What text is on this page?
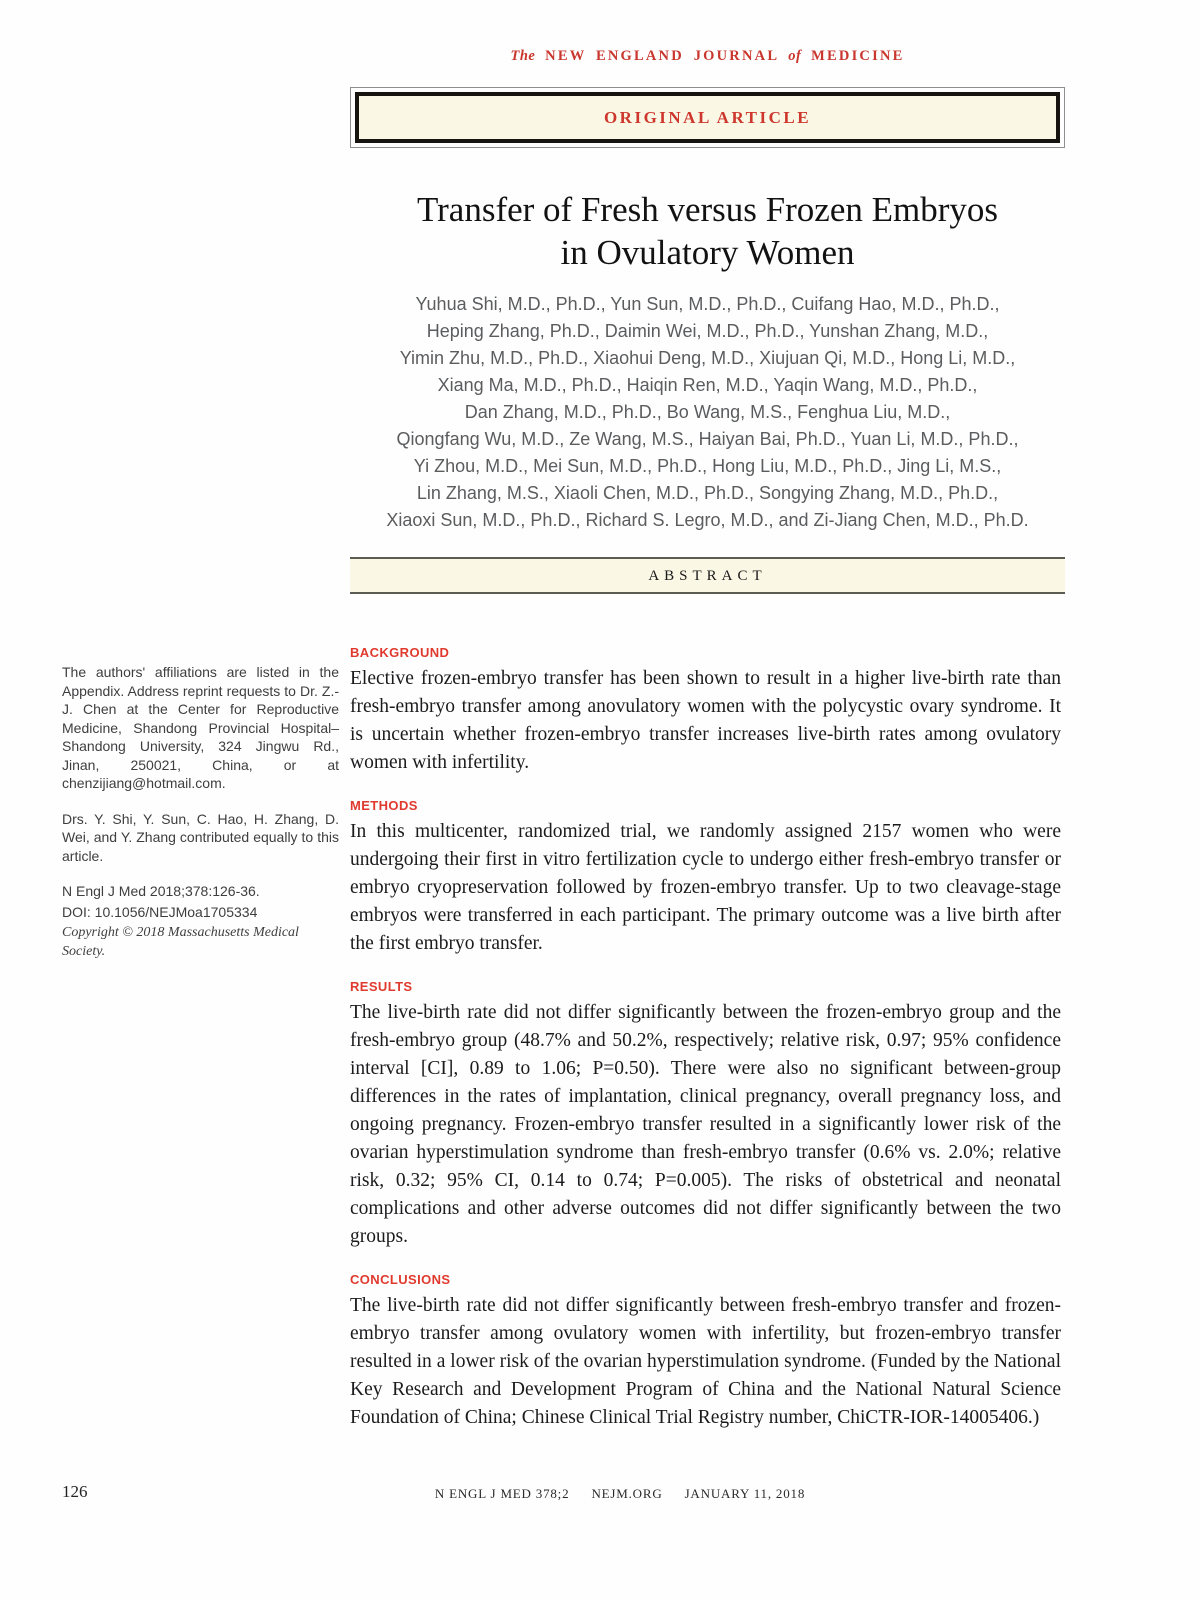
The NEW ENGLAND JOURNAL of MEDICINE
ORIGINAL ARTICLE
Transfer of Fresh versus Frozen Embryos
in Ovulatory Women
Yuhua Shi, M.D., Ph.D., Yun Sun, M.D., Ph.D., Cuifang Hao, M.D., Ph.D.,
Heping Zhang, Ph.D., Daimin Wei, M.D., Ph.D., Yunshan Zhang, M.D.,
Yimin Zhu, M.D., Ph.D., Xiaohui Deng, M.D., Xiujuan Qi, M.D., Hong Li, M.D.,
Xiang Ma, M.D., Ph.D., Haiqin Ren, M.D., Yaqin Wang, M.D., Ph.D.,
Dan Zhang, M.D., Ph.D., Bo Wang, M.S., Fenghua Liu, M.D.,
Qiongfang Wu, M.D., Ze Wang, M.S., Haiyan Bai, Ph.D., Yuan Li, M.D., Ph.D.,
Yi Zhou, M.D., Mei Sun, M.D., Ph.D., Hong Liu, M.D., Ph.D., Jing Li, M.S.,
Lin Zhang, M.S., Xiaoli Chen, M.D., Ph.D., Songying Zhang, M.D., Ph.D.,
Xiaoxi Sun, M.D., Ph.D., Richard S. Legro, M.D., and Zi-Jiang Chen, M.D., Ph.D.
ABSTRACT

The authors' affiliations are listed in the Appendix. Address reprint requests to Dr. Z.-J. Chen at the Center for Reproductive Medicine, Shandong Provincial Hospital–Shandong University, 324 Jingwu Rd., Jinan, 250021, China, or at chenzijiang@hotmail.com.

Drs. Y. Shi, Y. Sun, C. Hao, H. Zhang, D. Wei, and Y. Zhang contributed equally to this article.

N Engl J Med 2018;378:126-36.
DOI: 10.1056/NEJMoa1705334
Copyright © 2018 Massachusetts Medical Society.
BACKGROUND
Elective frozen-embryo transfer has been shown to result in a higher live-birth rate than fresh-embryo transfer among anovulatory women with the polycystic ovary syndrome. It is uncertain whether frozen-embryo transfer increases live-birth rates among ovulatory women with infertility.
METHODS
In this multicenter, randomized trial, we randomly assigned 2157 women who were undergoing their first in vitro fertilization cycle to undergo either fresh-embryo transfer or embryo cryopreservation followed by frozen-embryo transfer. Up to two cleavage-stage embryos were transferred in each participant. The primary outcome was a live birth after the first embryo transfer.
RESULTS
The live-birth rate did not differ significantly between the frozen-embryo group and the fresh-embryo group (48.7% and 50.2%, respectively; relative risk, 0.97; 95% confidence interval [CI], 0.89 to 1.06; P=0.50). There were also no significant between-group differences in the rates of implantation, clinical pregnancy, overall pregnancy loss, and ongoing pregnancy. Frozen-embryo transfer resulted in a significantly lower risk of the ovarian hyperstimulation syndrome than fresh-embryo transfer (0.6% vs. 2.0%; relative risk, 0.32; 95% CI, 0.14 to 0.74; P=0.005). The risks of obstetrical and neonatal complications and other adverse outcomes did not differ significantly between the two groups.
CONCLUSIONS
The live-birth rate did not differ significantly between fresh-embryo transfer and frozen-embryo transfer among ovulatory women with infertility, but frozen-embryo transfer resulted in a lower risk of the ovarian hyperstimulation syndrome. (Funded by the National Key Research and Development Program of China and the National Natural Science Foundation of China; Chinese Clinical Trial Registry number, ChiCTR-IOR-14005406.)
126	N ENGL J MED 378;2 NEJM.ORG JANUARY 11, 2018
